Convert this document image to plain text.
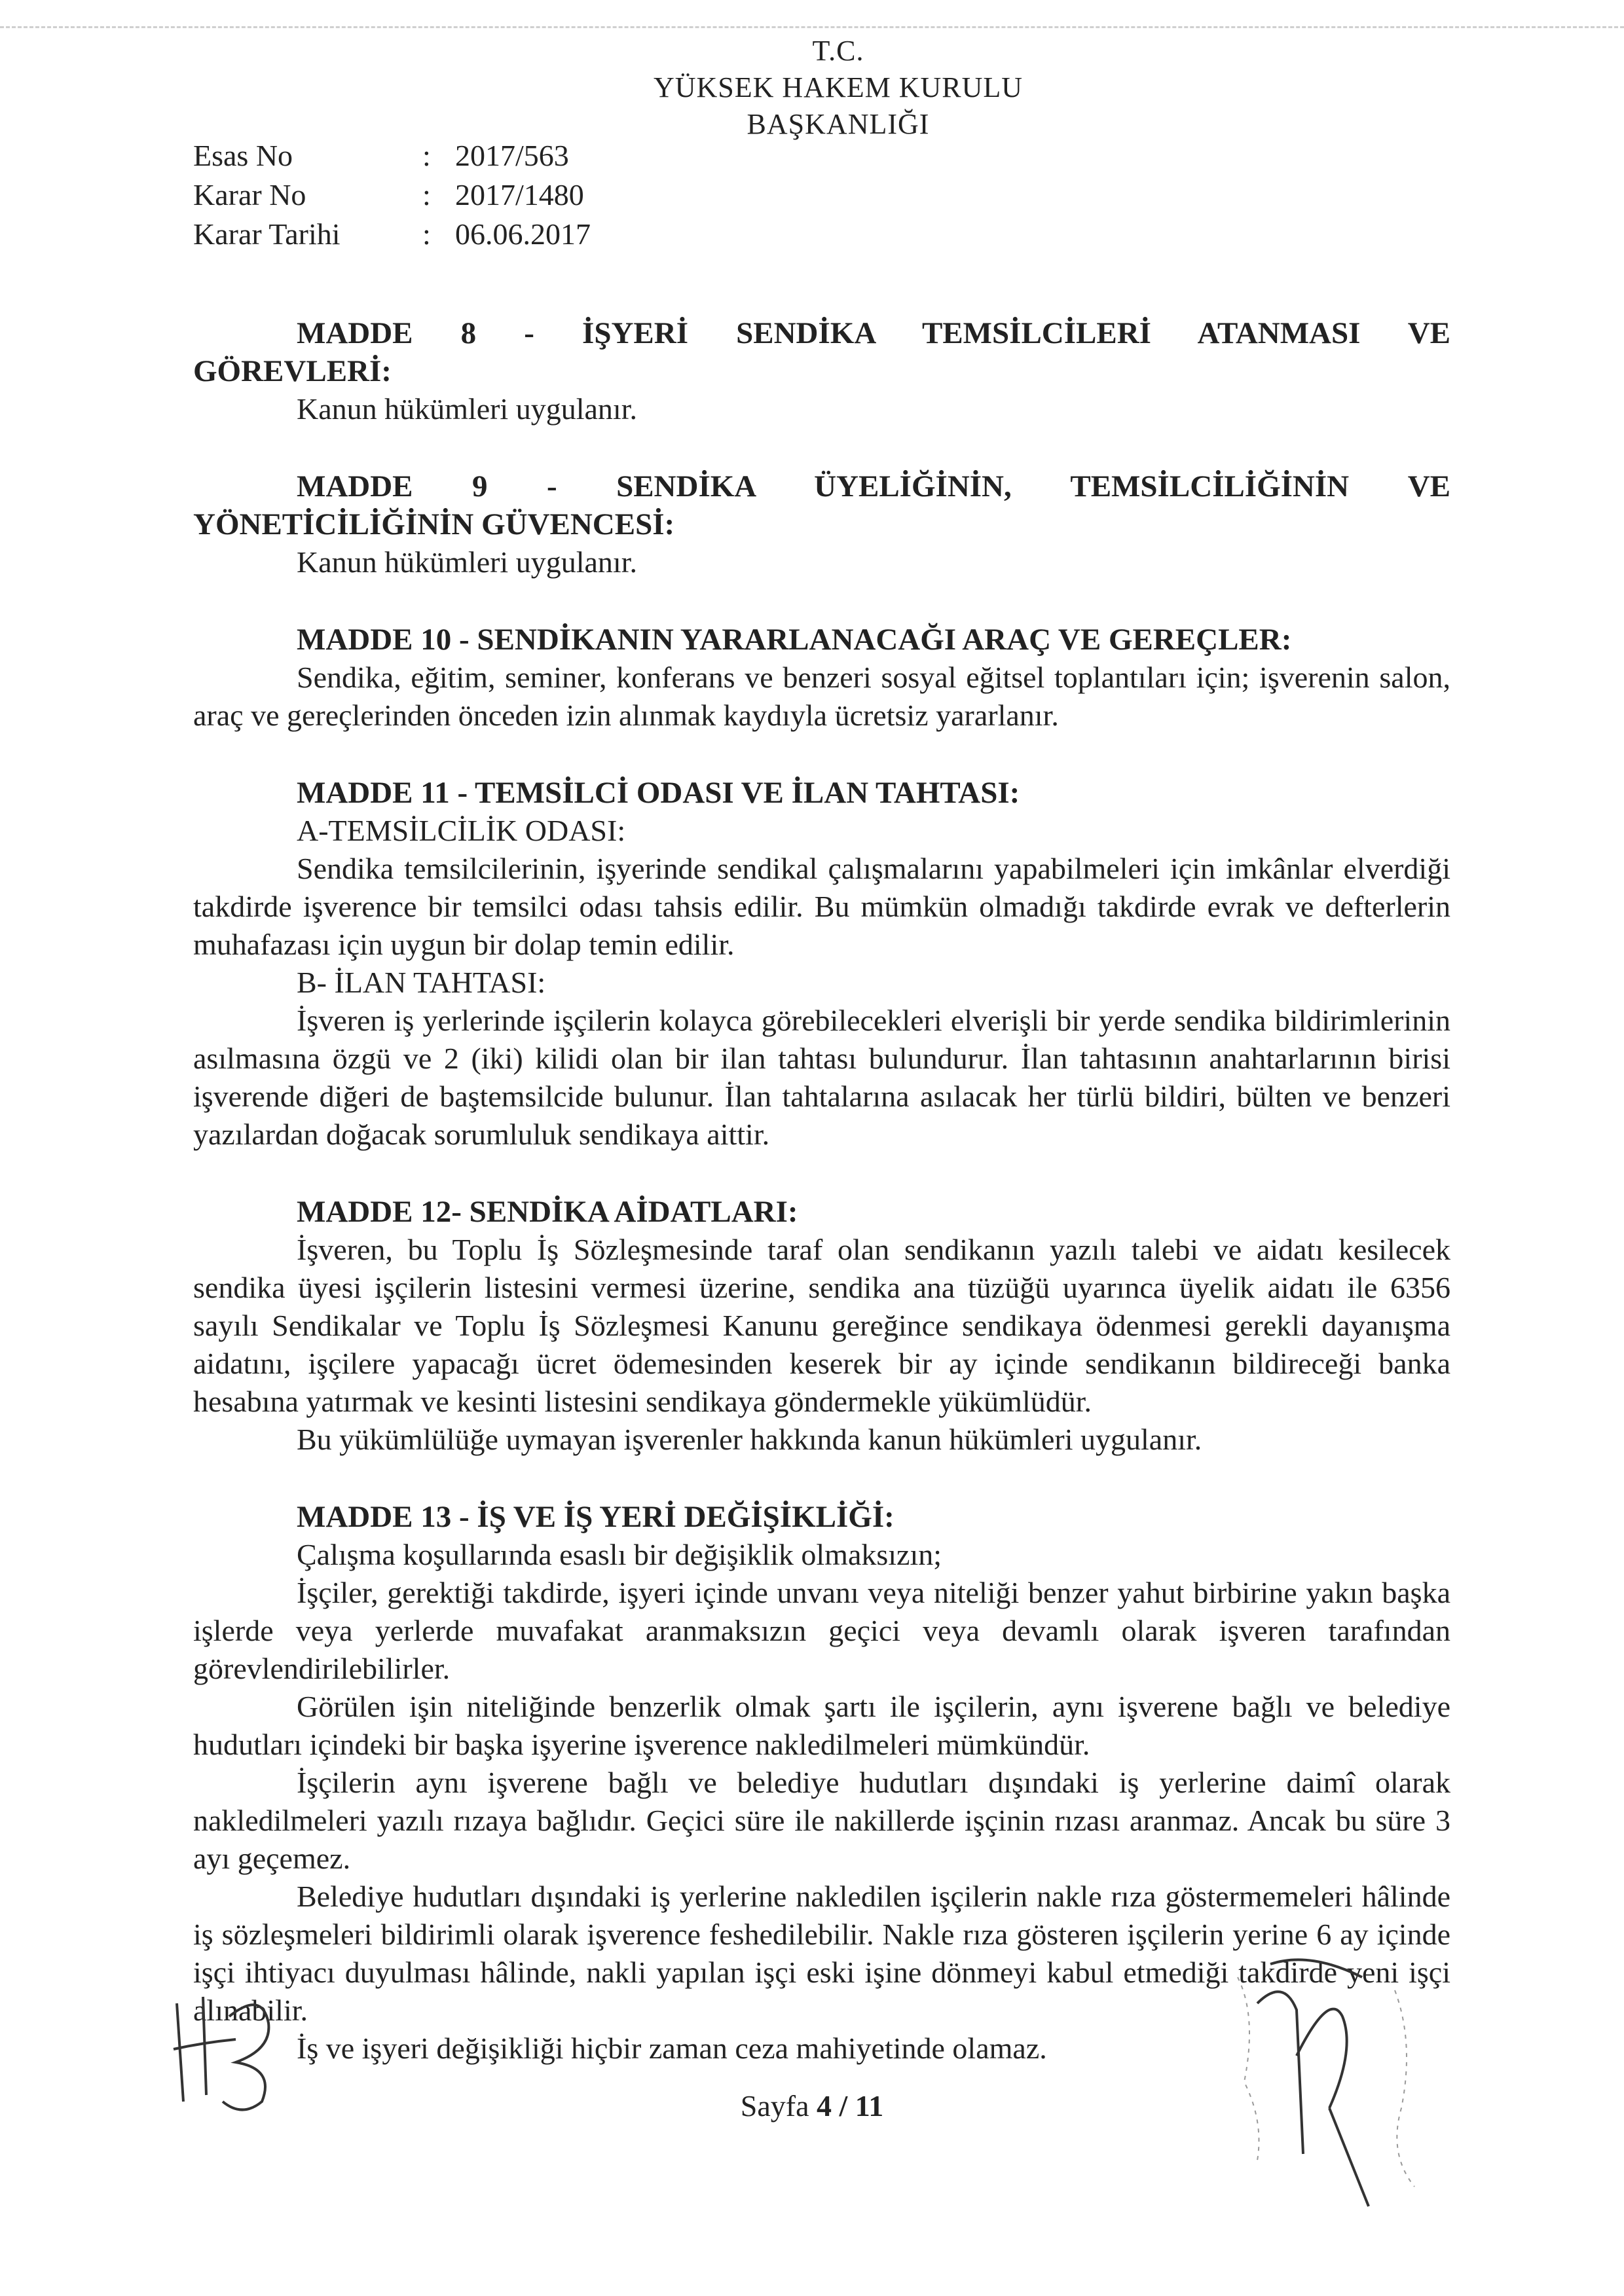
T.C.
YÜKSEK HAKEM KURULU
BAŞKANLIĞI
Esas No	: 2017/563
Karar No	: 2017/1480
Karar Tarihi	: 06.06.2017
MADDE 8 - İŞYERİ SENDİKA TEMSİLCİLERİ ATANMASI VE
GÖREVLERİ:

Kanun hükümleri uygulanır.

MADDE 9 - SENDİKA ÜYELİĞİNİN, TEMSİLCİLİĞİNİN VE
YÖNETİCİLİĞİNİN GÜVENCESİ:

Kanun hükümleri uygulanır.

MADDE 10 - SENDİKANIN YARARLANACAĞI ARAÇ VE GEREÇLER:

Sendika, eğitim, seminer, konferans ve benzeri sosyal eğitsel toplantıları için; işverenin salon, araç ve gereçlerinden önceden izin alınmak kaydıyla ücretsiz yararlanır.

MADDE 11 - TEMSİLCİ ODASI VE İLAN TAHTASI:
A-TEMSİLCİLİK ODASI:

Sendika temsilcilerinin, işyerinde sendikal çalışmalarını yapabilmeleri için imkânlar elverdiği takdirde işverence bir temsilci odası tahsis edilir. Bu mümkün olmadığı takdirde evrak ve defterlerin muhafazası için uygun bir dolap temin edilir.

B- İLAN TAHTASI:

İşveren iş yerlerinde işçilerin kolayca görebilecekleri elverişli bir yerde sendika bildirimlerinin asılmasına özgü ve 2 (iki) kilidi olan bir ilan tahtası bulundurur. İlan tahtasının anahtarlarının birisi işverende diğeri de baştemsilcide bulunur. İlan tahtalarına asılacak her türlü bildiri, bülten ve benzeri yazılardan doğacak sorumluluk sendikaya aittir.

MADDE 12- SENDİKA AİDATLARI:

İşveren, bu Toplu İş Sözleşmesinde taraf olan sendikanın yazılı talebi ve aidatı kesilecek sendika üyesi işçilerin listesini vermesi üzerine, sendika ana tüzüğü uyarınca üyelik aidatı ile 6356 sayılı Sendikalar ve Toplu İş Sözleşmesi Kanunu gereğince sendikaya ödenmesi gerekli dayanışma aidatını, işçilere yapacağı ücret ödemesinden keserek bir ay içinde sendikanın bildireceği banka hesabına yatırmak ve kesinti listesini sendikaya göndermekle yükümlüdür.

Bu yükümlülüğe uymayan işverenler hakkında kanun hükümleri uygulanır.

MADDE 13 - İŞ VE İŞ YERİ DEĞİŞİKLİĞİ:

Çalışma koşullarında esaslı bir değişiklik olmaksızın;

İşçiler, gerektiği takdirde, işyeri içinde unvanı veya niteliği benzer yahut birbirine yakın başka işlerde veya yerlerde muvafakat aranmaksızın geçici veya devamlı olarak işveren tarafından görevlendirilebilirler.

Görülen işin niteliğinde benzerlik olmak şartı ile işçilerin, aynı işverene bağlı ve belediye hudutları içindeki bir başka işyerine işverence nakledilmeleri mümkündür.

İşçilerin aynı işverene bağlı ve belediye hudutları dışındaki iş yerlerine daimî olarak nakledilmeleri yazılı rızaya bağlıdır. Geçici süre ile nakillerde işçinin rızası aranmaz. Ancak bu süre 3 ayı geçemez.

Belediye hudutları dışındaki iş yerlerine nakledilen işçilerin nakle rıza göstermemeleri hâlinde iş sözleşmeleri bildirimli olarak işverence feshedilebilir. Nakle rıza gösteren işçilerin yerine 6 ay içinde işçi ihtiyacı duyulması hâlinde, nakli yapılan işçi eski işine dönmeyi kabul etmediği takdirde yeni işçi alınabilir.

İş ve işyeri değişikliği hiçbir zaman ceza mahiyetinde olamaz.

Sayfa 4 / 11
